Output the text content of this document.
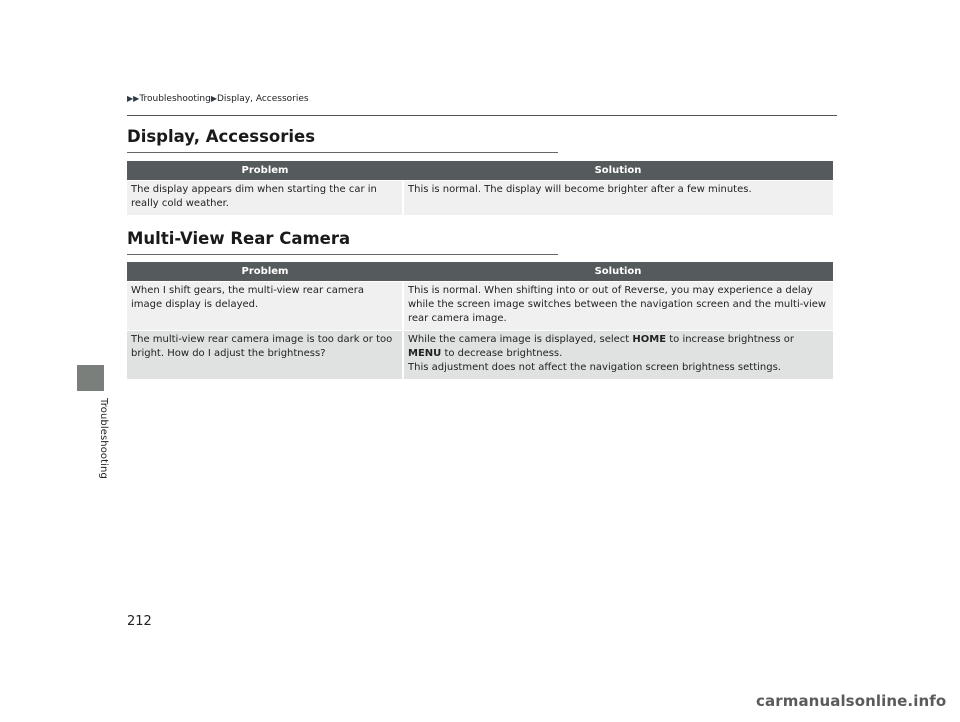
Troubleshooting
▶▶Troubleshooting▶Display, Accessories
Display, Accessories
Problem	Solution
The display appears dim when starting the car in really cold weather.	This is normal. The display will become brighter after a few minutes.
Multi-View Rear Camera
Problem	Solution
When I shift gears, the multi-view rear camera image display is delayed.	This is normal. When shifting into or out of Reverse, you may experience a delay while the screen image switches between the navigation screen and the multi-view rear camera image.
The multi-view rear camera image is too dark or too bright. How do I adjust the brightness?	While the camera image is displayed, select HOME to increase brightness or
MENU to decrease brightness.
This adjustment does not affect the navigation screen brightness settings.
212
carmanualsonline.info
